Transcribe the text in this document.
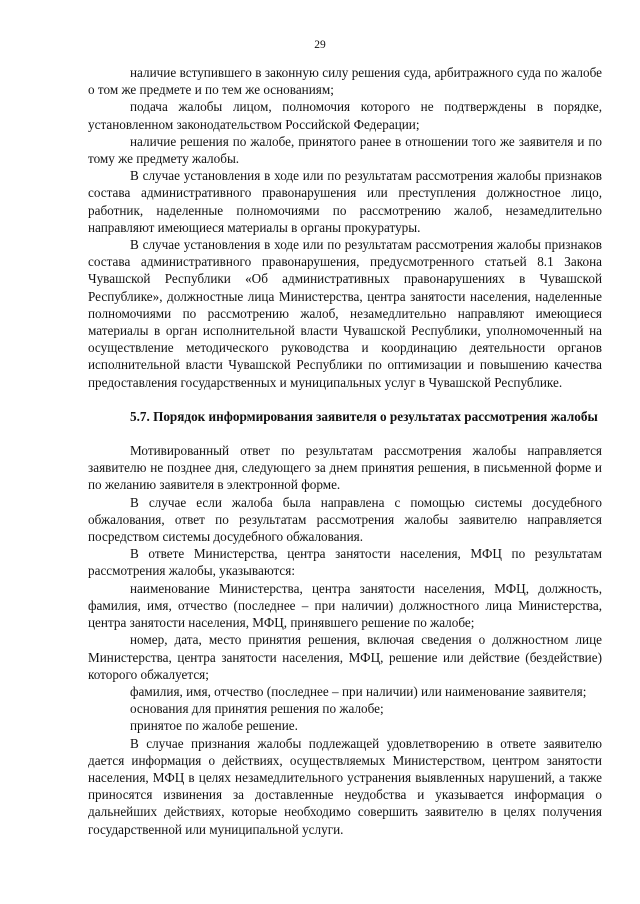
29

наличие вступившего в законную силу решения суда, арбитражного суда по жалобе о том же предмете и по тем же основаниям;

подача жалобы лицом, полномочия которого не подтверждены в порядке, установленном законодательством Российской Федерации;

наличие решения по жалобе, принятого ранее в отношении того же заявителя и по тому же предмету жалобы.

В случае установления в ходе или по результатам рассмотрения жалобы признаков состава административного правонарушения или преступления должностное лицо, работник, наделенные полномочиями по рассмотрению жалоб, незамедлительно направляют имеющиеся материалы в органы прокуратуры.

В случае установления в ходе или по результатам рассмотрения жалобы признаков состава административного правонарушения, предусмотренного статьей 8.1 Закона Чувашской Республики «Об административных правонарушениях в Чувашской Республике», должностные лица Министерства, центра занятости населения, наделенные полномочиями по рассмотрению жалоб, незамедлительно направляют имеющиеся материалы в орган исполнительной власти Чувашской Республики, уполномоченный на осуществление методического руководства и координацию деятельности органов исполнительной власти Чувашской Республики по оптимизации и повышению качества предоставления государственных и муниципальных услуг в Чувашской Республике.

5.7. Порядок информирования заявителя о результатах рассмотрения жалобы

Мотивированный ответ по результатам рассмотрения жалобы направляется заявителю не позднее дня, следующего за днем принятия решения, в письменной форме и по желанию заявителя в электронной форме.

В случае если жалоба была направлена с помощью системы досудебного обжалования, ответ по результатам рассмотрения жалобы заявителю направляется посредством системы досудебного обжалования.

В ответе Министерства, центра занятости населения, МФЦ по результатам рассмотрения жалобы, указываются:

наименование Министерства, центра занятости населения, МФЦ, должность, фамилия, имя, отчество (последнее – при наличии) должностного лица Министерства, центра занятости населения, МФЦ, принявшего решение по жалобе;

номер, дата, место принятия решения, включая сведения о должностном лице Министерства, центра занятости населения, МФЦ, решение или действие (бездействие) которого обжалуется;

фамилия, имя, отчество (последнее – при наличии) или наименование заявителя;

основания для принятия решения по жалобе;

принятое по жалобе решение.

В случае признания жалобы подлежащей удовлетворению в ответе заявителю дается информация о действиях, осуществляемых Министерством, центром занятости населения, МФЦ в целях незамедлительного устранения выявленных нарушений, а также приносятся извинения за доставленные неудобства и указывается информация о дальнейших действиях, которые необходимо совершить заявителю в целях получения государственной или муниципальной услуги.
